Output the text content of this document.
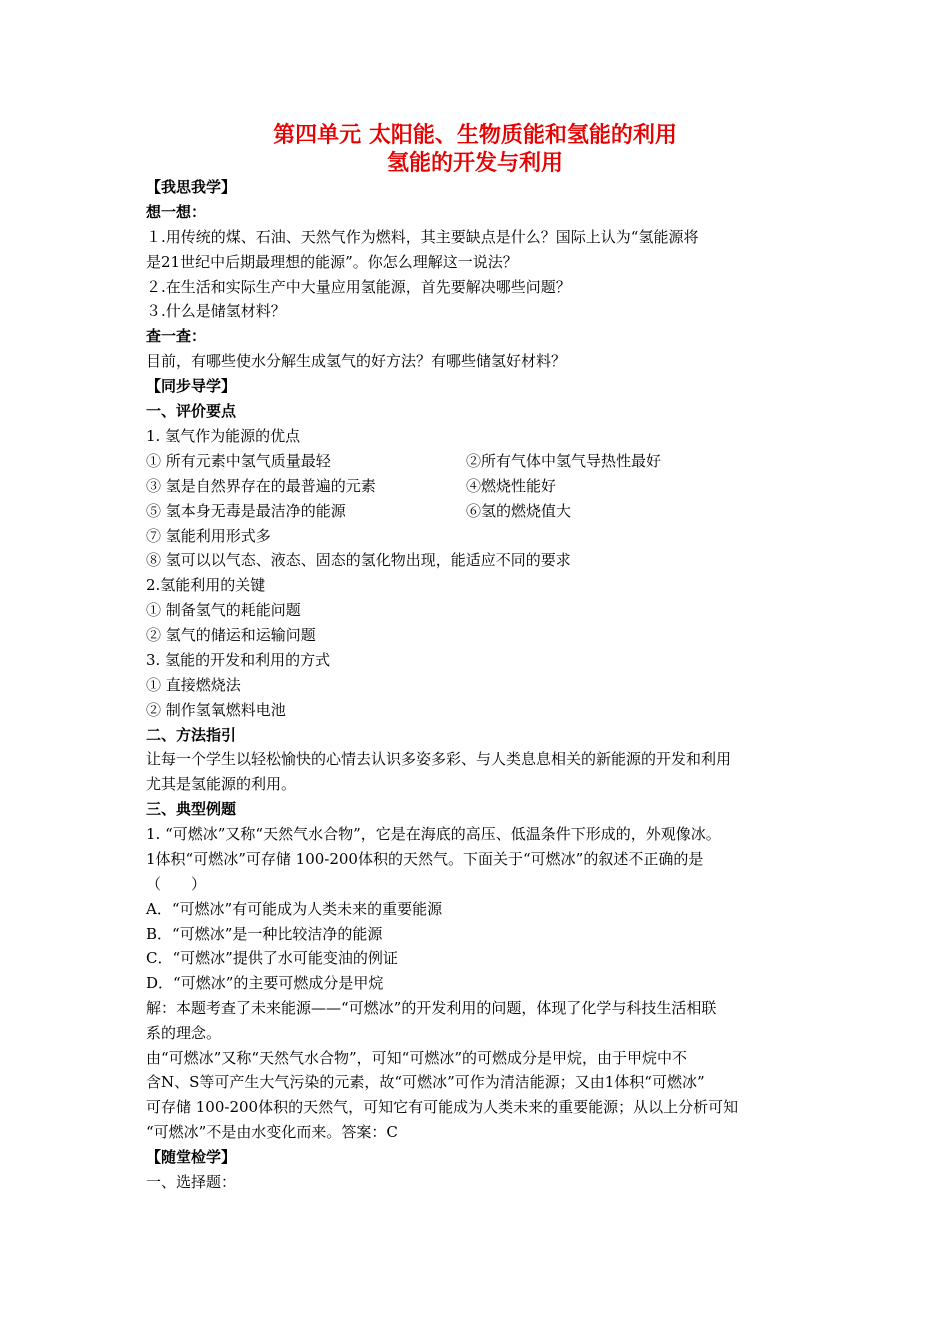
第四单元 太阳能、生物质能和氢能的利用
氢能的开发与利用
【我思我学】
想一想：
１.用传统的煤、石油、天然气作为燃料，其主要缺点是什么？国际上认为“氢能源将
是21世纪中后期最理想的能源”。你怎么理解这一说法？
２.在生活和实际生产中大量应用氢能源，首先要解决哪些问题？
３.什么是储氢材料？
查一查：
目前，有哪些使水分解生成氢气的好方法？有哪些储氢好材料？
【同步导学】
一、评价要点
1. 氢气作为能源的优点
① 所有元素中氢气质量最轻	②所有气体中氢气导热性最好
③ 氢是自然界存在的最普遍的元素	④燃烧性能好
⑤ 氢本身无毒是最洁净的能源	⑥氢的燃烧值大
⑦ 氢能利用形式多
⑧ 氢可以以气态、液态、固态的氢化物出现，能适应不同的要求
2.氢能利用的关键
① 制备氢气的耗能问题
② 氢气的储运和运输问题
3. 氢能的开发和利用的方式
① 直接燃烧法
② 制作氢氧燃料电池
二、方法指引
让每一个学生以轻松愉快的心情去认识多姿多彩、与人类息息相关的新能源的开发和利用
尤其是氢能源的利用。
三、典型例题
1. “可燃冰”又称“天然气水合物”，它是在海底的高压、低温条件下形成的，外观像冰。
1体积“可燃冰”可存储 100-200体积的天然气。下面关于“可燃冰”的叙述不正确的是
（　　）
A．“可燃冰”有可能成为人类未来的重要能源
B．“可燃冰”是一种比较洁净的能源
C．“可燃冰”提供了水可能变油的例证
D．“可燃冰”的主要可燃成分是甲烷
解：本题考查了未来能源——“可燃冰”的开发利用的问题，体现了化学与科技生活相联
系的理念。
由“可燃冰”又称“天然气水合物”，可知“可燃冰”的可燃成分是甲烷，由于甲烷中不
含N、S等可产生大气污染的元素，故“可燃冰”可作为清洁能源；又由1体积“可燃冰”
可存储 100-200体积的天然气，可知它有可能成为人类未来的重要能源；从以上分析可知
“可燃冰”不是由水变化而来。答案：C
【随堂检学】
一、选择题：
